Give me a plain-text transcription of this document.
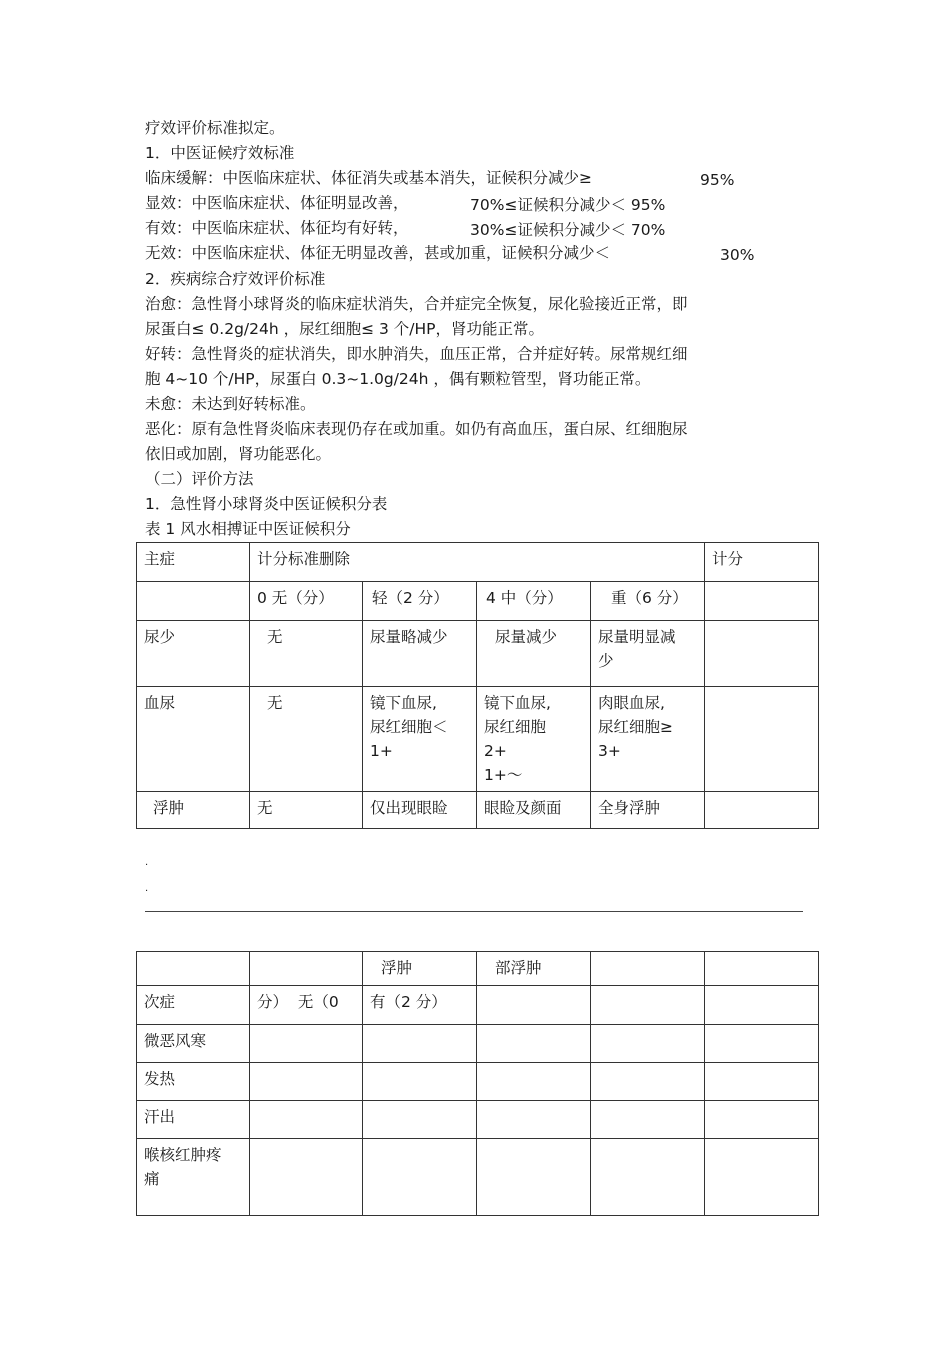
疗效评价标准拟定。
1．中医证候疗效标准
临床缓解：中医临床症状、体征消失或基本消失，证候积分减少≥	95%
显效：中医临床症状、体征明显改善，	70%≤证候积分减少＜ 95%
有效：中医临床症状、体征均有好转，	30%≤证候积分减少＜ 70%
无效：中医临床症状、体征无明显改善，甚或加重，证候积分减少＜	30%
2．疾病综合疗效评价标准
治愈：急性肾小球肾炎的临床症状消失，合并症完全恢复，尿化验接近正常，即
尿蛋白≤ 0.2g/24h ，尿红细胞≤ 3 个/HP，肾功能正常。
好转：急性肾炎的症状消失，即水肿消失，血压正常，合并症好转。尿常规红细
胞 4~10 个/HP，尿蛋白 0.3~1.0g/24h ，偶有颗粒管型，肾功能正常。
未愈：未达到好转标准。
恶化：原有急性肾炎临床表现仍存在或加重。如仍有高血压，蛋白尿、红细胞尿
依旧或加剧，肾功能恶化。
（二）评价方法
1．急性肾小球肾炎中医证候积分表
表 1 风水相搏证中医证候积分
主症	计分标准删除				计分
	0 无（分）	轻（2 分）	4 中（分）	重（6 分）	
尿少	无	尿量略减少	尿量减少	尿量明显减
少	
血尿	无	镜下血尿,
尿红细胞＜
1+	镜下血尿,
尿红细胞
2+
1+～	肉眼血尿,
尿红细胞≥
3+	
浮肿	无	仅出现眼睑	眼睑及颜面	全身浮肿	
.
.
		浮肿	部浮肿		
次症	分）  无（0	有（2 分）			
微恶风寒					
发热					
汗出					
喉核红肿疼
痛					
